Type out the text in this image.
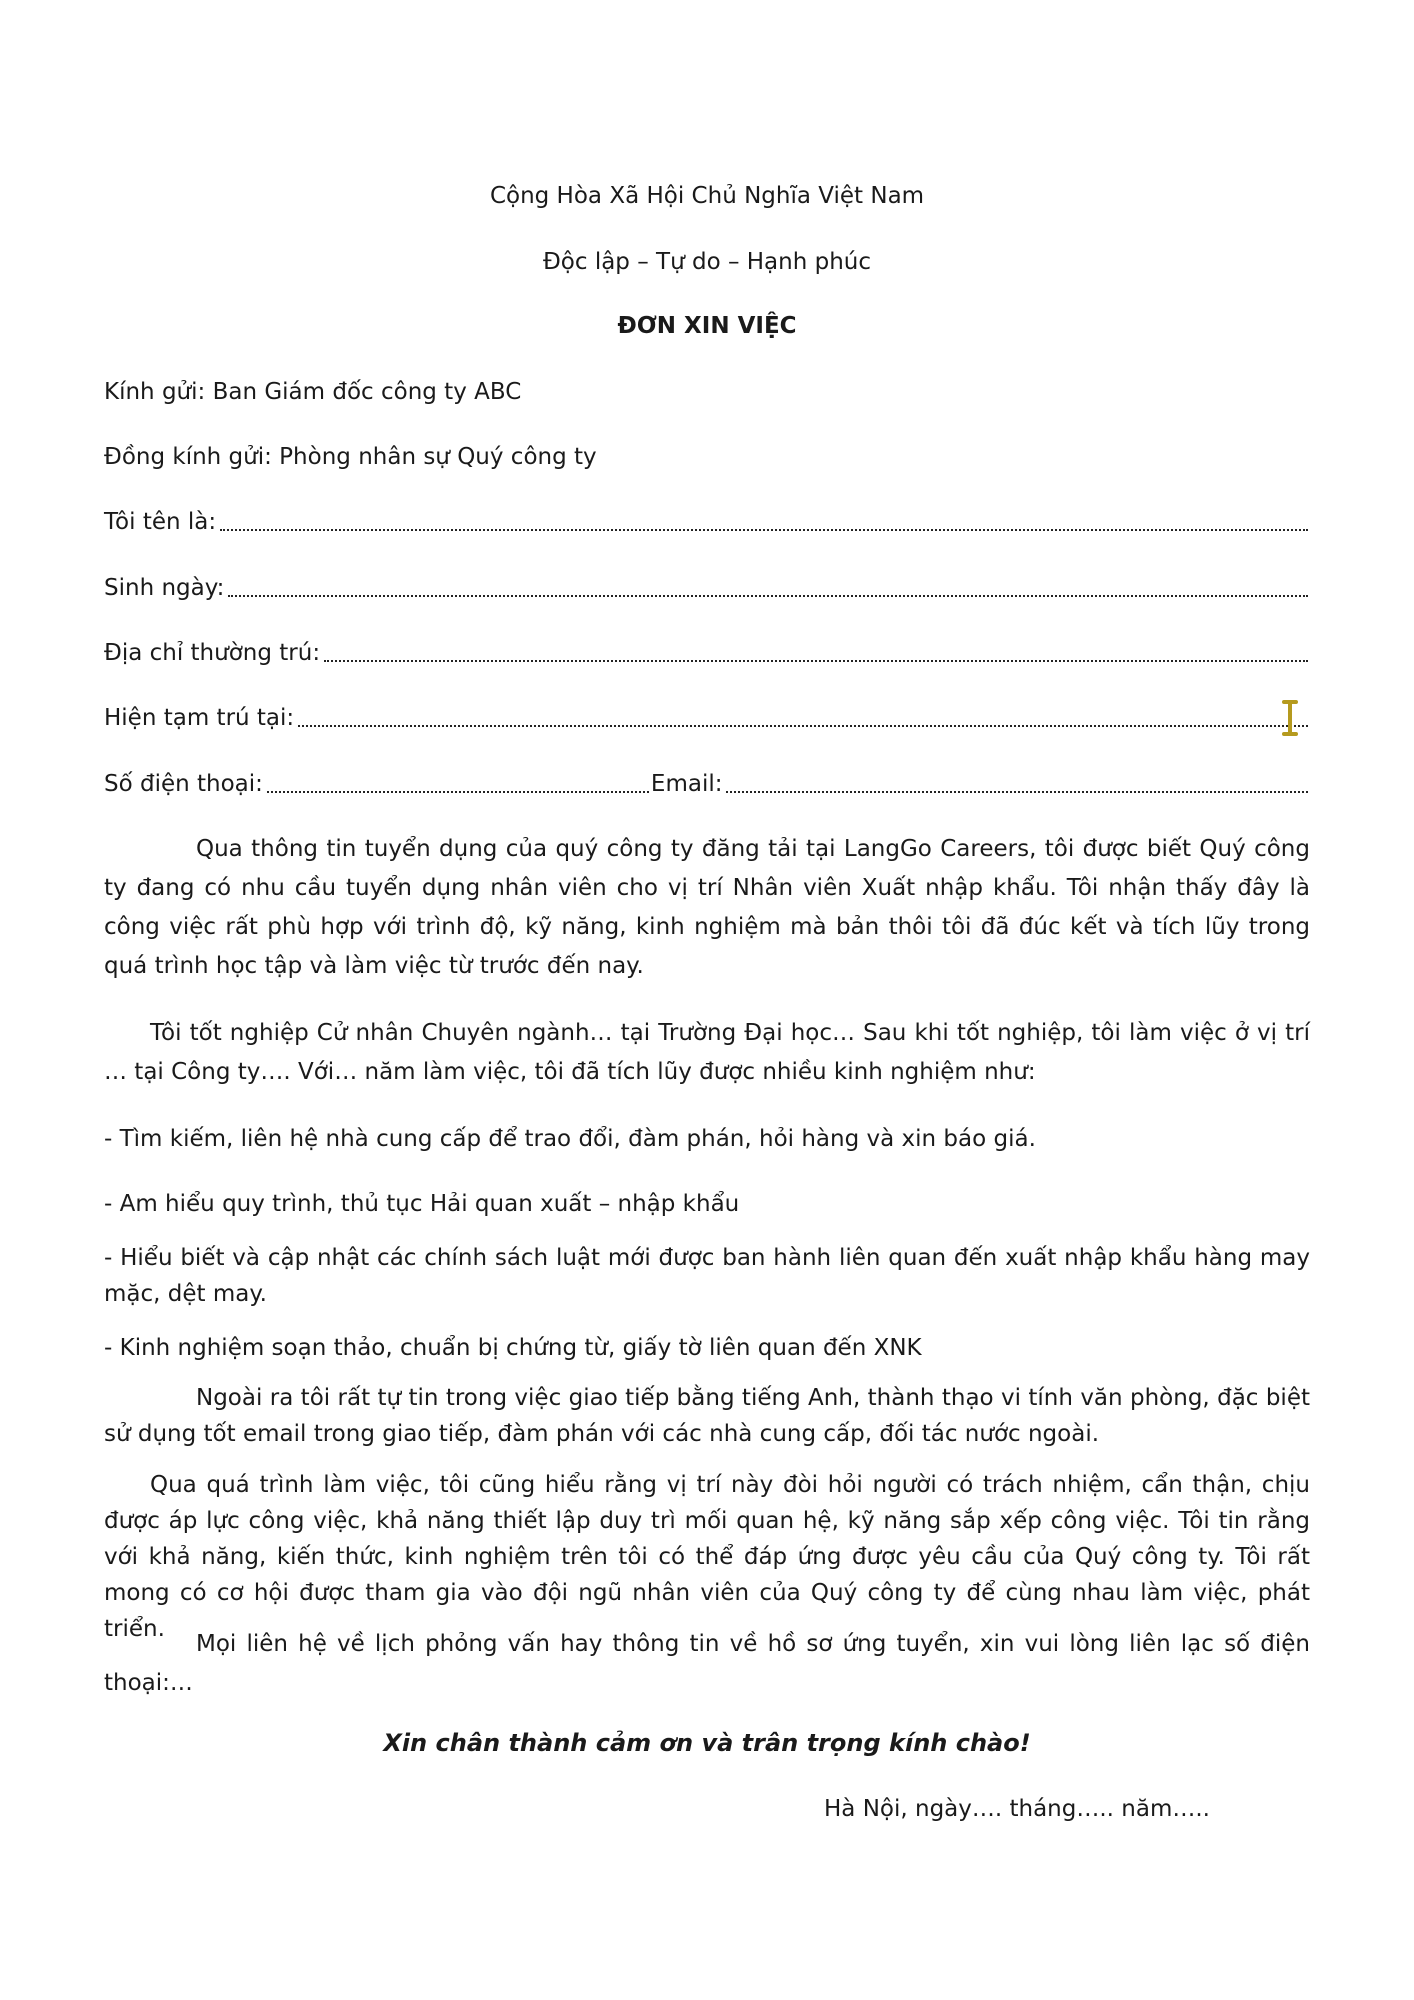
Cộng Hòa Xã Hội Chủ Nghĩa Việt Nam
Độc lập – Tự do – Hạnh phúc
ĐƠN XIN VIỆC
Kính gửi: Ban Giám đốc công ty ABC
Đồng kính gửi: Phòng nhân sự Quý công ty
Tôi tên là:
Sinh ngày:
Địa chỉ thường trú:
Hiện tạm trú tại:
Số điện thoại:	Email:
Qua thông tin tuyển dụng của quý công ty đăng tải tại LangGo Careers, tôi được biết Quý công ty đang có nhu cầu tuyển dụng nhân viên cho vị trí Nhân viên Xuất nhập khẩu. Tôi nhận thấy đây là công việc rất phù hợp với trình độ, kỹ năng, kinh nghiệm mà bản thôi tôi đã đúc kết và tích lũy trong quá trình học tập và làm việc từ trước đến nay.
Tôi tốt nghiệp Cử nhân Chuyên ngành… tại Trường Đại học… Sau khi tốt nghiệp, tôi làm việc ở vị trí … tại Công ty…. Với… năm làm việc, tôi đã tích lũy được nhiều kinh nghiệm như:
- Tìm kiếm, liên hệ nhà cung cấp để trao đổi, đàm phán, hỏi hàng và xin báo giá.
- Am hiểu quy trình, thủ tục Hải quan xuất – nhập khẩu
- Hiểu biết và cập nhật các chính sách luật mới được ban hành liên quan đến xuất nhập khẩu hàng may mặc, dệt may.
- Kinh nghiệm soạn thảo, chuẩn bị chứng từ, giấy tờ liên quan đến XNK
Ngoài ra tôi rất tự tin trong việc giao tiếp bằng tiếng Anh, thành thạo vi tính văn phòng, đặc biệt sử dụng tốt email trong giao tiếp, đàm phán với các nhà cung cấp, đối tác nước ngoài.
Qua quá trình làm việc, tôi cũng hiểu rằng vị trí này đòi hỏi người có trách nhiệm, cẩn thận, chịu được áp lực công việc, khả năng thiết lập duy trì mối quan hệ, kỹ năng sắp xếp công việc. Tôi tin rằng với khả năng, kiến thức, kinh nghiệm trên tôi có thể đáp ứng được yêu cầu của Quý công ty. Tôi rất mong có cơ hội được tham gia vào đội ngũ nhân viên của Quý công ty để cùng nhau làm việc, phát triển.
Mọi liên hệ về lịch phỏng vấn hay thông tin về hồ sơ ứng tuyển, xin vui lòng liên lạc số điện thoại:…
Xin chân thành cảm ơn và trân trọng kính chào!
Hà Nội, ngày…. tháng….. năm…..
